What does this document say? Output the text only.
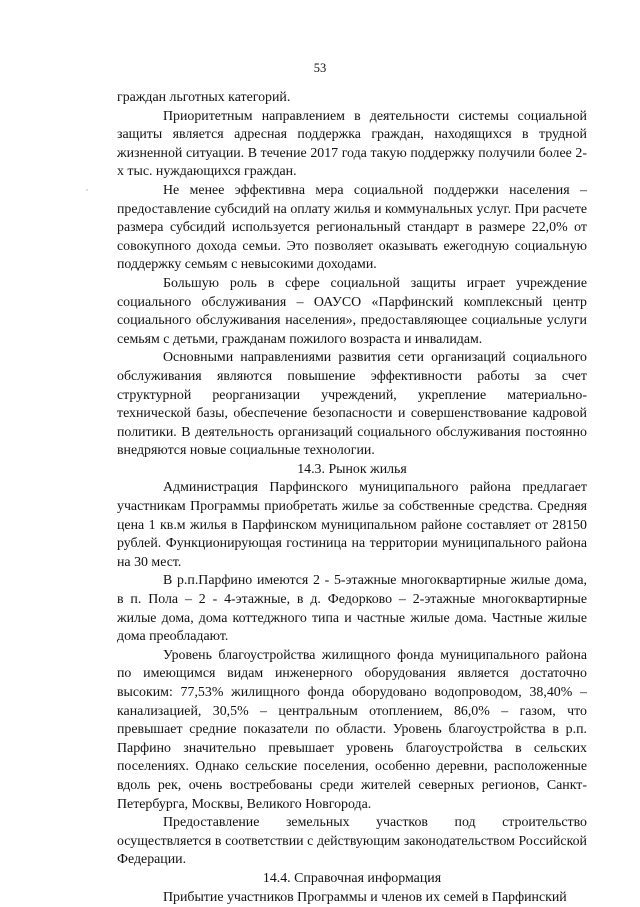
,
53

граждан льготных категорий.

Приоритетным направлением в деятельности системы социальной защиты является адресная поддержка граждан, находящихся в трудной жизненной ситуации. В течение 2017 года такую поддержку получили более 2-х тыс. нуждающихся граждан.

Не менее эффективна мера социальной поддержки населения – предоставление субсидий на оплату жилья и коммунальных услуг. При расчете размера субсидий используется региональный стандарт в размере 22,0% от совокупного дохода семьи. Это позволяет оказывать ежегодную социальную поддержку семьям с невысокими доходами.

Большую роль в сфере социальной защиты играет учреждение социального обслуживания – ОАУСО «Парфинский комплексный центр социального обслуживания населения», предоставляющее социальные услуги семьям с детьми, гражданам пожилого возраста и инвалидам.

Основными направлениями развития сети организаций социального обслуживания являются повышение эффективности работы за счет структурной реорганизации учреждений, укрепление материально-технической базы, обеспечение безопасности и совершенствование кадровой политики. В деятельность организаций социального обслуживания постоянно внедряются новые социальные технологии.

14.3. Рынок жилья

Администрация Парфинского муниципального района предлагает участникам Программы приобретать жилье за собственные средства. Средняя цена 1 кв.м жилья в Парфинском муниципальном районе составляет от 28150 рублей. Функционирующая гостиница на территории муниципального района на 30 мест.

В р.п.Парфино имеются 2 - 5-этажные многоквартирные жилые дома, в п. Пола – 2 - 4-этажные, в д. Федорково – 2-этажные многоквартирные жилые дома, дома коттеджного типа и частные жилые дома. Частные жилые дома преобладают.

Уровень благоустройства жилищного фонда муниципального района по имеющимся видам инженерного оборудования является достаточно высоким: 77,53% жилищного фонда оборудовано водопроводом, 38,40% – канализацией, 30,5% – центральным отоплением, 86,0% – газом, что превышает средние показатели по области. Уровень благоустройства в р.п. Парфино значительно превышает уровень благоустройства в сельских поселениях. Однако сельские поселения, особенно деревни, расположенные вдоль рек, очень востребованы среди жителей северных регионов, Санкт-Петербурга, Москвы, Великого Новгорода.

Предоставление земельных участков под строительство осуществляется в соответствии с действующим законодательством Российской Федерации.

14.4. Справочная информация

Прибытие участников Программы и членов их семей в Парфинский
